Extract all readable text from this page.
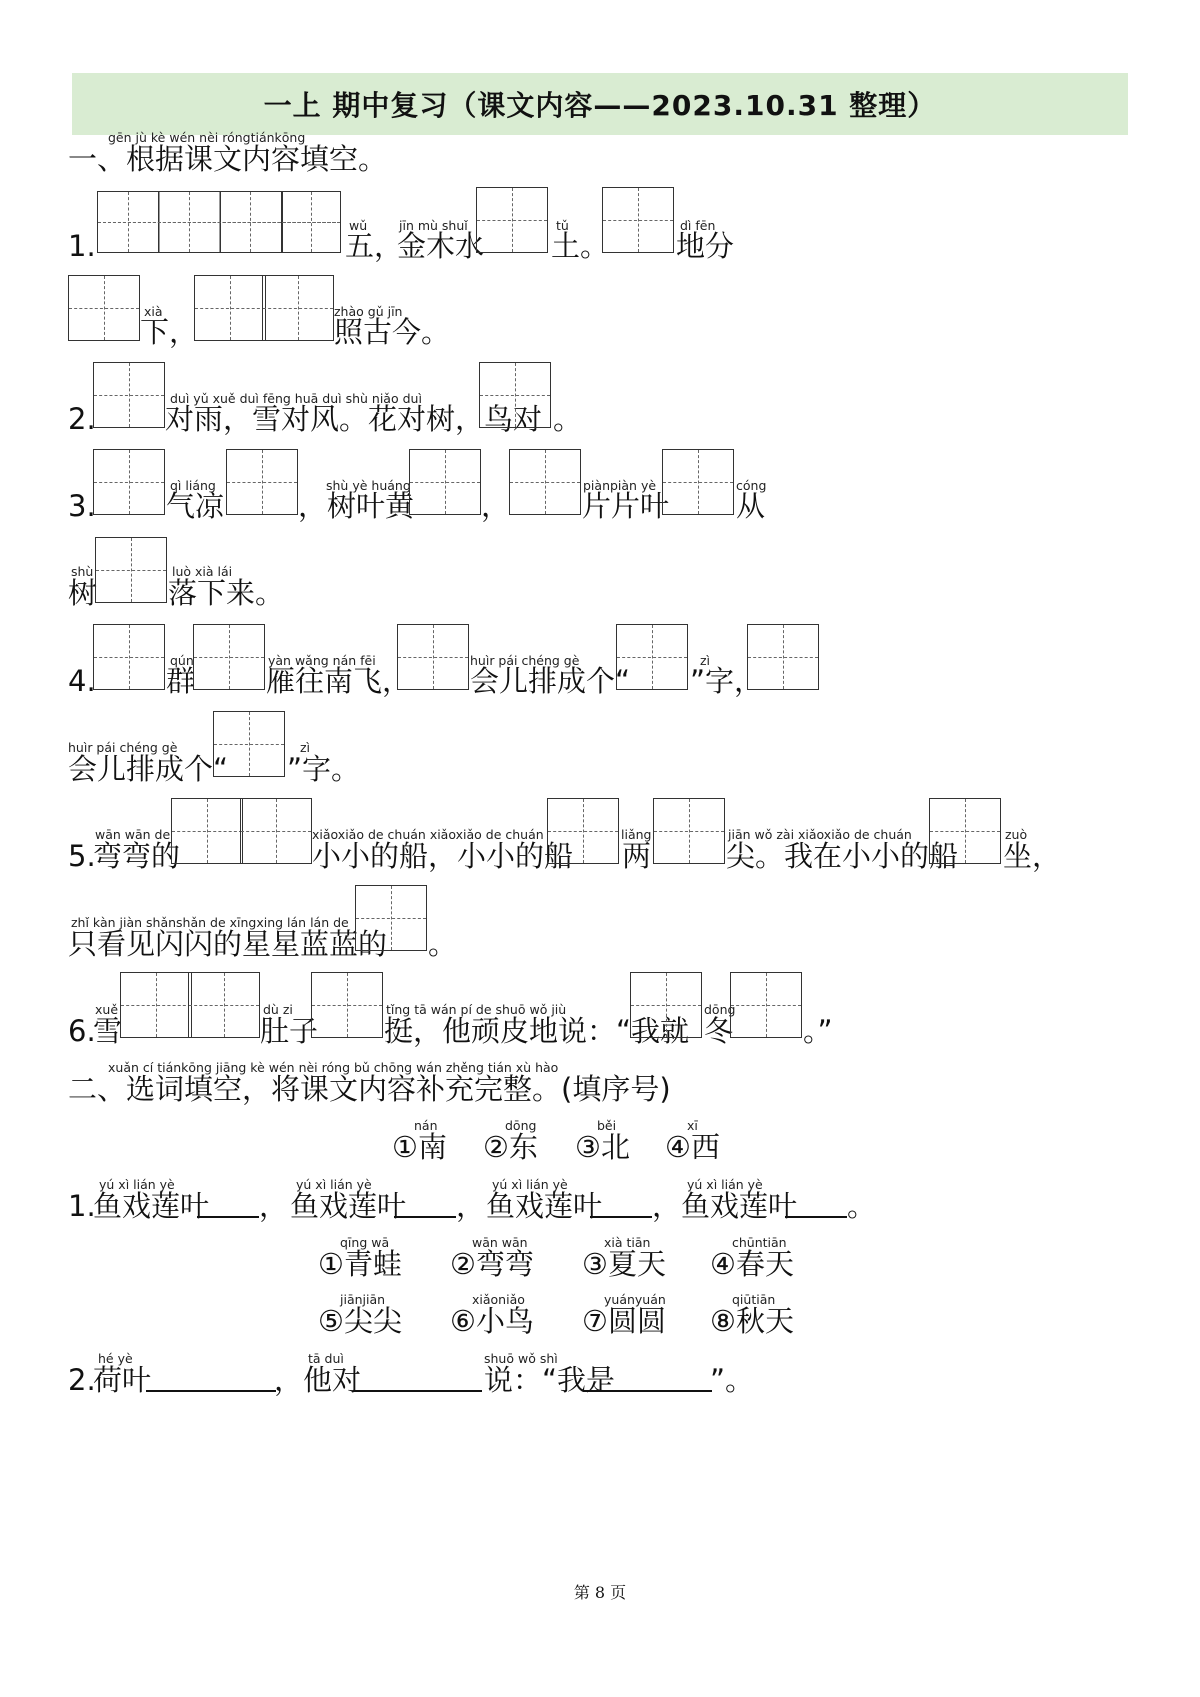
一上 期中复习（课文内容——2023.10.31 整理）
gēn jù kè wén nèi róngtiánkōng
一、根据课文内容填空。
1.
wǔ
五，
jīn mù shuǐ
金木水
tǔ
土。
dì fēn
地分
xià
下，
zhào gǔ jīn
照古今。
2.
duì yǔ xuě duì fēng huā duì shù niǎo duì
对雨，雪对风。花对树，鸟对 。
3.
qì liáng
气凉
shù yè huáng
，树叶黄 ，
piànpiàn yè
片片叶
cóng
从
shù
树
luò xià lái
落下来。
4.
qún
群
yàn wǎng nán fēi
雁往南飞，
huìr pái chéng gè
会儿排成个“
zì
”字，
huìr pái chéng gè
会儿排成个“
zì
”字。
5.
wān wān de
弯弯的
xiǎoxiǎo de chuán xiǎoxiǎo de chuán
小小的船，小小的船
liǎng
两
jiān wǒ zài xiǎoxiǎo de chuán
尖。我在小小的船
zuò
坐，
zhǐ kàn jiàn shǎnshǎn de xīngxing lán lán de
只看见闪闪的星星蓝蓝的 。
6.
xuě
雪
dù zi
肚子
tǐng tā wán pí de shuō wǒ jiù
挺，他顽皮地说：“我就
dōng
冬 。”
xuǎn cí tiánkōng jiāng kè wén nèi róng bǔ chōng wán zhěng tián xù hào
二、选词填空，将课文内容补充完整。(填序号)
nán
①南
dōng
②东
běi
③北
xī
④西
1.
yú xì lián yè
鱼戏莲叶 ，
yú xì lián yè
鱼戏莲叶 ，
yú xì lián yè
鱼戏莲叶 ，
yú xì lián yè
鱼戏莲叶 。
qīng wā
①青蛙
wān wān
②弯弯
xià tiān
③夏天
chūntiān
④春天
jiānjiān
⑤尖尖
xiǎoniǎo
⑥小鸟
yuányuán
⑦圆圆
qiūtiān
⑧秋天
2.
hé yè
荷叶
tā duì
，他对
shuō wǒ shì
说：“我是	”。
第 8 页
